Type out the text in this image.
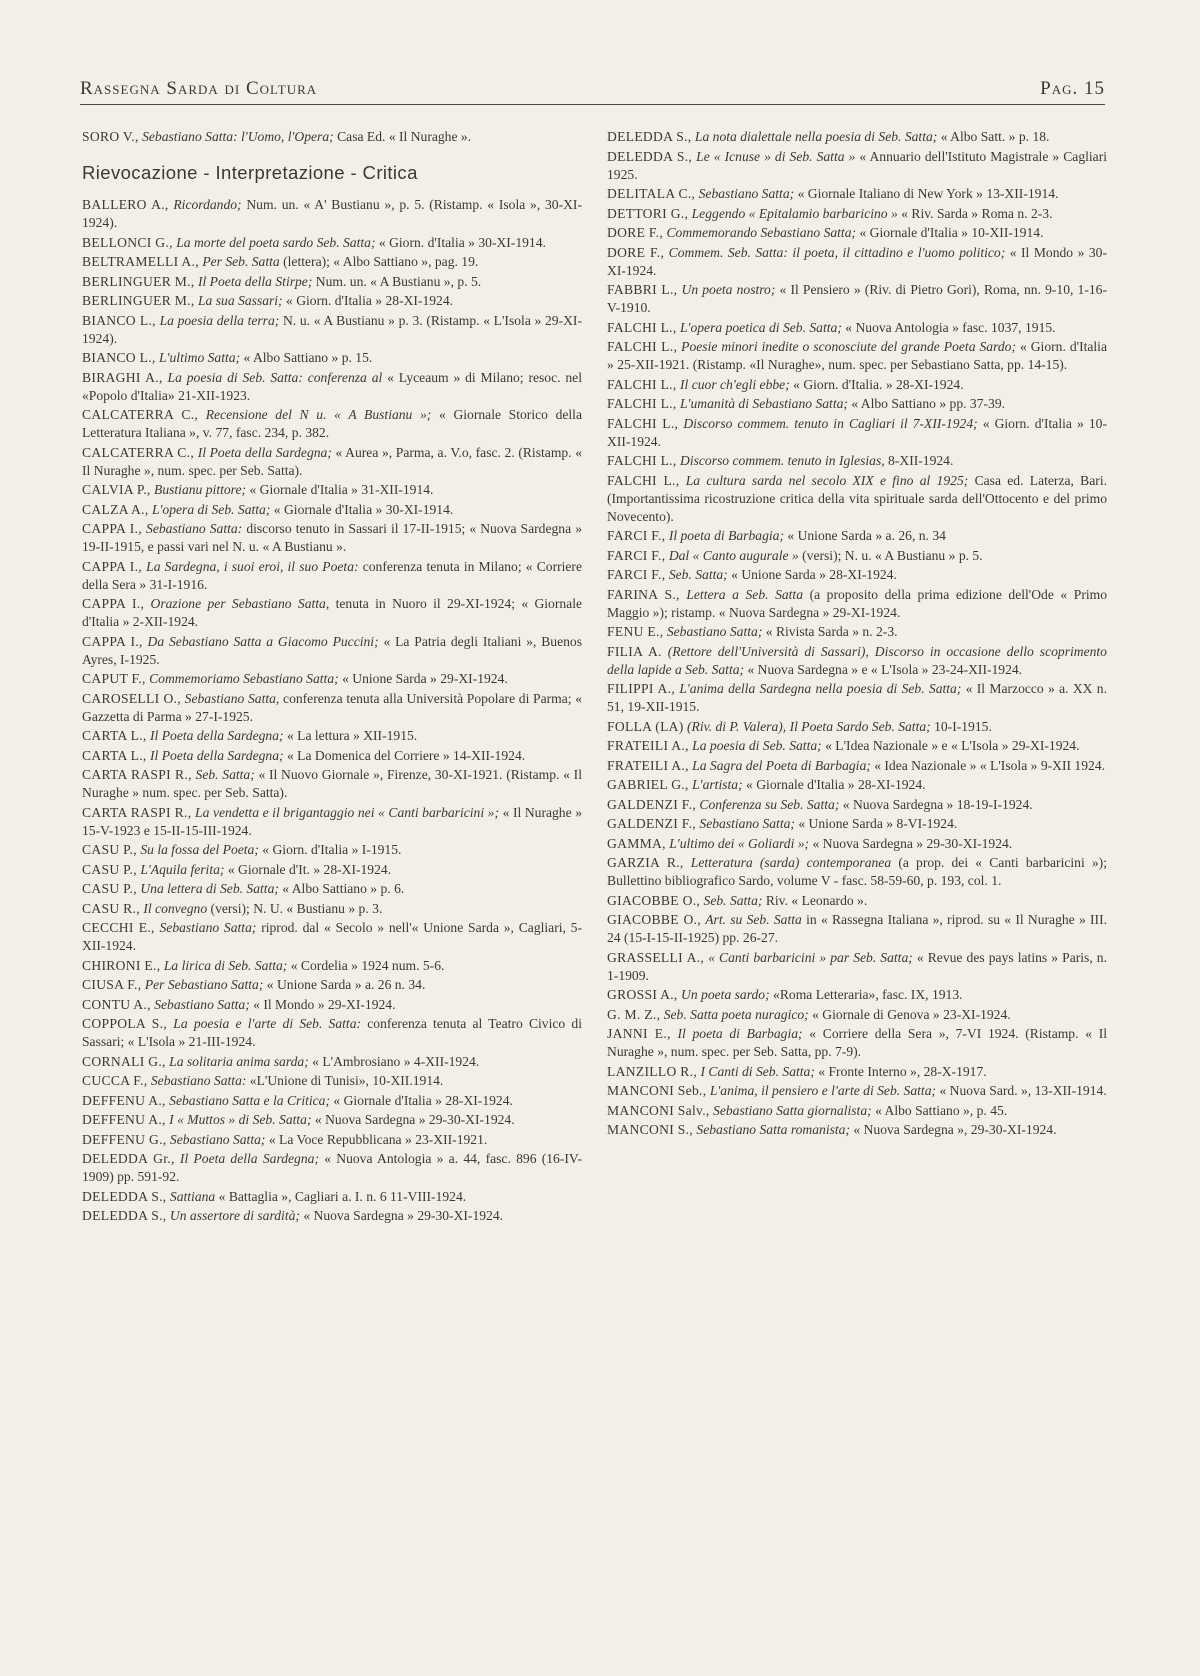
Rassegna Sarda di Coltura	Pag. 15

SORO V., Sebastiano Satta: l'Uomo, l'Opera; Casa Ed. « Il Nuraghe ».

Rievocazione - Interpretazione - Critica

BALLERO A., Ricordando; Num. un. « A' Bustianu », p. 5. (Ristamp. « Isola », 30-XI-1924).

BELLONCI G., La morte del poeta sardo Seb. Satta; « Giorn. d'Italia » 30-XI-1914.

BELTRAMELLI A., Per Seb. Satta (lettera); « Albo Sattiano », pag. 19.

BERLINGUER M., Il Poeta della Stirpe; Num. un. « A Bustianu », p. 5.

BERLINGUER M., La sua Sassari; « Giorn. d'Italia » 28-XI-1924.

BIANCO L., La poesia della terra; N. u. « A Bustianu » p. 3. (Ristamp. « L'Isola » 29-XI-1924).

BIANCO L., L'ultimo Satta; « Albo Sattiano » p. 15.

BIRAGHI A., La poesia di Seb. Satta: conferenza al « Lyceaum » di Milano; resoc. nel «Popolo d'Italia» 21-XII-1923.

CALCATERRA C., Recensione del N u. « A Bustianu »; « Giornale Storico della Letteratura Italiana », v. 77, fasc. 234, p. 382.

CALCATERRA C., Il Poeta della Sardegna; « Aurea », Parma, a. V.o, fasc. 2. (Ristamp. « Il Nuraghe », num. spec. per Seb. Satta).

CALVIA P., Bustianu pittore; « Giornale d'Italia » 31-XII-1914.

CALZA A., L'opera di Seb. Satta; « Giornale d'Italia » 30-XI-1914.

CAPPA I., Sebastiano Satta: discorso tenuto in Sassari il 17-II-1915; « Nuova Sardegna » 19-II-1915, e passi vari nel N. u. « A Bustianu ».

CAPPA I., La Sardegna, i suoi eroi, il suo Poeta: conferenza tenuta in Milano; « Corriere della Sera » 31-I-1916.

CAPPA I., Orazione per Sebastiano Satta, tenuta in Nuoro il 29-XI-1924; « Giornale d'Italia » 2-XII-1924.

CAPPA I., Da Sebastiano Satta a Giacomo Puccini; « La Patria degli Italiani », Buenos Ayres, I-1925.

CAPUT F., Commemoriamo Sebastiano Satta; « Unione Sarda » 29-XI-1924.

CAROSELLI O., Sebastiano Satta, conferenza tenuta alla Università Popolare di Parma; « Gazzetta di Parma » 27-I-1925.

CARTA L., Il Poeta della Sardegna; « La lettura » XII-1915.

CARTA L., Il Poeta della Sardegna; « La Domenica del Corriere » 14-XII-1924.

CARTA RASPI R., Seb. Satta; « Il Nuovo Giornale », Firenze, 30-XI-1921. (Ristamp. « Il Nuraghe » num. spec. per Seb. Satta).

CARTA RASPI R., La vendetta e il brigantaggio nei « Canti barbaricini »; « Il Nuraghe » 15-V-1923 e 15-II-15-III-1924.

CASU P., Su la fossa del Poeta; « Giorn. d'Italia » I-1915.

CASU P., L'Aquila ferita; « Giornale d'It. » 28-XI-1924.

CASU P., Una lettera di Seb. Satta; « Albo Sattiano » p. 6.

CASU R., Il convegno (versi); N. U. « Bustianu » p. 3.

CECCHI E., Sebastiano Satta; riprod. dal « Secolo » nell'« Unione Sarda », Cagliari, 5-XII-1924.

CHIRONI E., La lirica di Seb. Satta; « Cordelia » 1924 num. 5-6.

CIUSA F., Per Sebastiano Satta; « Unione Sarda » a. 26 n. 34.

CONTU A., Sebastiano Satta; « Il Mondo » 29-XI-1924.

COPPOLA S., La poesia e l'arte di Seb. Satta: conferenza tenuta al Teatro Civico di Sassari; « L'Isola » 21-III-1924.

CORNALI G., La solitaria anima sarda; « L'Ambrosiano » 4-XII-1924.

CUCCA F., Sebastiano Satta: «L'Unione di Tunisi», 10-XII.1914.

DEFFENU A., Sebastiano Satta e la Critica; « Giornale d'Italia » 28-XI-1924.

DEFFENU A., I « Muttos » di Seb. Satta; « Nuova Sardegna » 29-30-XI-1924.

DEFFENU G., Sebastiano Satta; « La Voce Repubblicana » 23-XII-1921.

DELEDDA Gr., Il Poeta della Sardegna; « Nuova Antologia » a. 44, fasc. 896 (16-IV-1909) pp. 591-92.

DELEDDA S., Sattiana « Battaglia », Cagliari a. I. n. 6 11-VIII-1924.

DELEDDA S., Un assertore di sardità; « Nuova Sardegna » 29-30-XI-1924.

DELEDDA S., La nota dialettale nella poesia di Seb. Satta; « Albo Satt. » p. 18.

DELEDDA S., Le « Icnuse » di Seb. Satta » « Annuario dell'Istituto Magistrale » Cagliari 1925.

DELITALA C., Sebastiano Satta; « Giornale Italiano di New York » 13-XII-1914.

DETTORI G., Leggendo « Epitalamio barbaricino » « Riv. Sarda » Roma n. 2-3.

DORE F., Commemorando Sebastiano Satta; « Giornale d'Italia » 10-XII-1914.

DORE F., Commem. Seb. Satta: il poeta, il cittadino e l'uomo politico; « Il Mondo » 30-XI-1924.

FABBRI L., Un poeta nostro; « Il Pensiero » (Riv. di Pietro Gori), Roma, nn. 9-10, 1-16-V-1910.

FALCHI L., L'opera poetica di Seb. Satta; « Nuova Antologia » fasc. 1037, 1915.

FALCHI L., Poesie minori inedite o sconosciute del grande Poeta Sardo; « Giorn. d'Italia » 25-XII-1921. (Ristamp. «Il Nuraghe», num. spec. per Sebastiano Satta, pp. 14-15).

FALCHI L., Il cuor ch'egli ebbe; « Giorn. d'Italia. » 28-XI-1924.

FALCHI L., L'umanità di Sebastiano Satta; « Albo Sattiano » pp. 37-39.

FALCHI L., Discorso commem. tenuto in Cagliari il 7-XII-1924; « Giorn. d'Italia » 10-XII-1924.

FALCHI L., Discorso commem. tenuto in Iglesias, 8-XII-1924.

FALCHI L., La cultura sarda nel secolo XIX e fino al 1925; Casa ed. Laterza, Bari. (Importantissima ricostruzione critica della vita spirituale sarda dell'Ottocento e del primo Novecento).

FARCI F., Il poeta di Barbagia; « Unione Sarda » a. 26, n. 34

FARCI F., Dal « Canto augurale » (versi); N. u. « A Bustianu » p. 5.

FARCI F., Seb. Satta; « Unione Sarda » 28-XI-1924.

FARINA S., Lettera a Seb. Satta (a proposito della prima edizione dell'Ode « Primo Maggio »); ristamp. « Nuova Sardegna » 29-XI-1924.

FENU E., Sebastiano Satta; « Rivista Sarda » n. 2-3.

FILIA A. (Rettore dell'Università di Sassari), Discorso in occasione dello scoprimento della lapide a Seb. Satta; « Nuova Sardegna » e « L'Isola » 23-24-XII-1924.

FILIPPI A., L'anima della Sardegna nella poesia di Seb. Satta; « Il Marzocco » a. XX n. 51, 19-XII-1915.

FOLLA (LA) (Riv. di P. Valera), Il Poeta Sardo Seb. Satta; 10-I-1915.

FRATEILI A., La poesia di Seb. Satta; « L'Idea Nazionale » e « L'Isola » 29-XI-1924.

FRATEILI A., La Sagra del Poeta di Barbagia; « Idea Nazionale » « L'Isola » 9-XII 1924.

GABRIEL G., L'artista; « Giornale d'Italia » 28-XI-1924.

GALDENZI F., Conferenza su Seb. Satta; « Nuova Sardegna » 18-19-I-1924.

GALDENZI F., Sebastiano Satta; « Unione Sarda » 8-VI-1924.

GAMMA, L'ultimo dei « Goliardi »; « Nuova Sardegna » 29-30-XI-1924.

GARZIA R., Letteratura (sarda) contemporanea (a prop. dei « Canti barbaricini »); Bullettino bibliografico Sardo, volume V - fasc. 58-59-60, p. 193, col. 1.

GIACOBBE O., Seb. Satta; Riv. « Leonardo ».

GIACOBBE O., Art. su Seb. Satta in « Rassegna Italiana », riprod. su « Il Nuraghe » III. 24 (15-I-15-II-1925) pp. 26-27.

GRASSELLI A., « Canti barbaricini » par Seb. Satta; « Revue des pays latins » Paris, n. 1-1909.

GROSSI A., Un poeta sardo; «Roma Letteraria», fasc. IX, 1913.

G. M. Z., Seb. Satta poeta nuragico; « Giornale di Genova » 23-XI-1924.

JANNI E., Il poeta di Barbagia; « Corriere della Sera », 7-VI 1924. (Ristamp. « Il Nuraghe », num. spec. per Seb. Satta, pp. 7-9).

LANZILLO R., I Canti di Seb. Satta; « Fronte Interno », 28-X-1917.

MANCONI Seb., L'anima, il pensiero e l'arte di Seb. Satta; « Nuova Sard. », 13-XII-1914.

MANCONI Salv., Sebastiano Satta giornalista; « Albo Sattiano », p. 45.

MANCONI S., Sebastiano Satta romanista; « Nuova Sardegna », 29-30-XI-1924.
